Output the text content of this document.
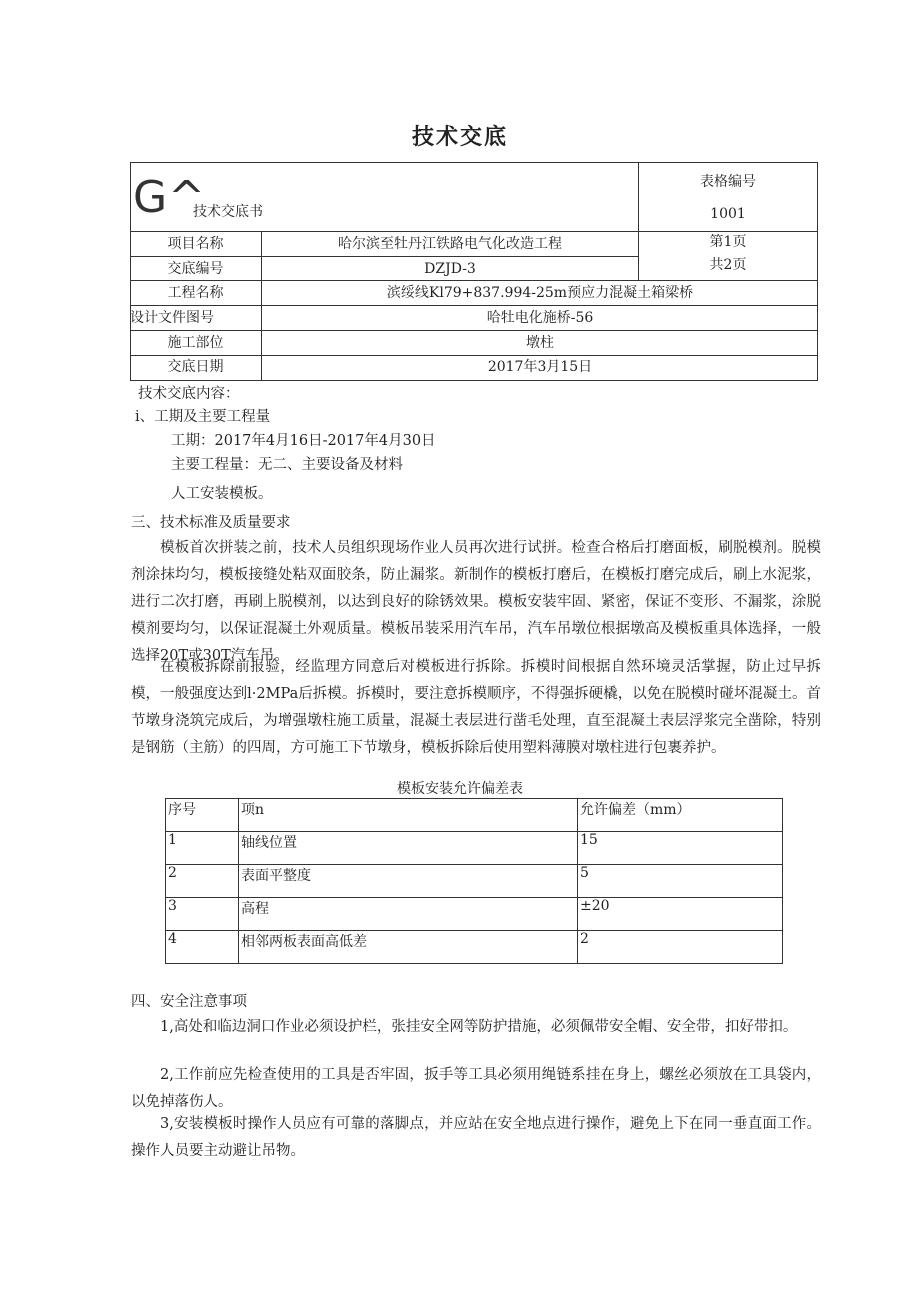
技术交底
G^
技术交底书
表格编号
1001
第1页
共2页
项目名称	哈尔滨至牡丹江铁路电气化改造工程
交底编号	DZJD-3
工程名称	滨绥线Kl79+837.994-25m预应力混凝土箱梁桥
设计文件图号	哈牡电化施桥-56
施工部位	墩柱
交底日期	2017年3月15日
技术交底内容：
i、工期及主要工程量
工期：2017年4月16日-2017年4月30日
主要工程量：无二、主要设备及材料
人工安装模板。
三、技术标准及质量要求
模板首次拼装之前，技术人员组织现场作业人员再次进行试拼。检查合格后打磨面板，刷脱模剂。脱模剂涂抹均匀，模板接缝处粘双面胶条，防止漏浆。新制作的模板打磨后，在模板打磨完成后，刷上水泥浆，进行二次打磨，再刷上脱模剂，以达到良好的除锈效果。模板安装牢固、紧密，保证不变形、不漏浆，涂脱模剂要均匀，以保证混凝土外观质量。模板吊装采用汽车吊，汽车吊墩位根据墩高及模板重具体选择，一般选择20T或30T汽车吊。
在模板拆除前报验，经监理方同意后对模板进行拆除。拆模时间根据自然环境灵活掌握，防止过早拆模，一般强度达到l·2MPa后拆模。拆模时，要注意拆模顺序，不得强拆硬橇，以免在脱模时碰坏混凝土。首节墩身浇筑完成后，为增强墩柱施工质量，混凝土表层进行凿毛处理，直至混凝土表层浮浆完全凿除，特别是钢筋（主筋）的四周，方可施工下节墩身，模板拆除后使用塑料薄膜对墩柱进行包裹养护。
模板安装允许偏差表
序号	项n	允许偏差（mm）
1	轴线位置	15
2	表面平整度	5
3	高程	±20
4	相邻两板表面高低差	2
四、安全注意事项
1,高处和临边洞口作业必须设护栏，张挂安全网等防护措施，必须佩带安全帽、安全带，扣好带扣。
2,工作前应先检查使用的工具是否牢固，扳手等工具必须用绳链系挂在身上，螺丝必须放在工具袋内，以免掉落伤人。
3,安装模板时操作人员应有可靠的落脚点，并应站在安全地点进行操作，避免上下在同一垂直面工作。操作人员要主动避让吊物。
